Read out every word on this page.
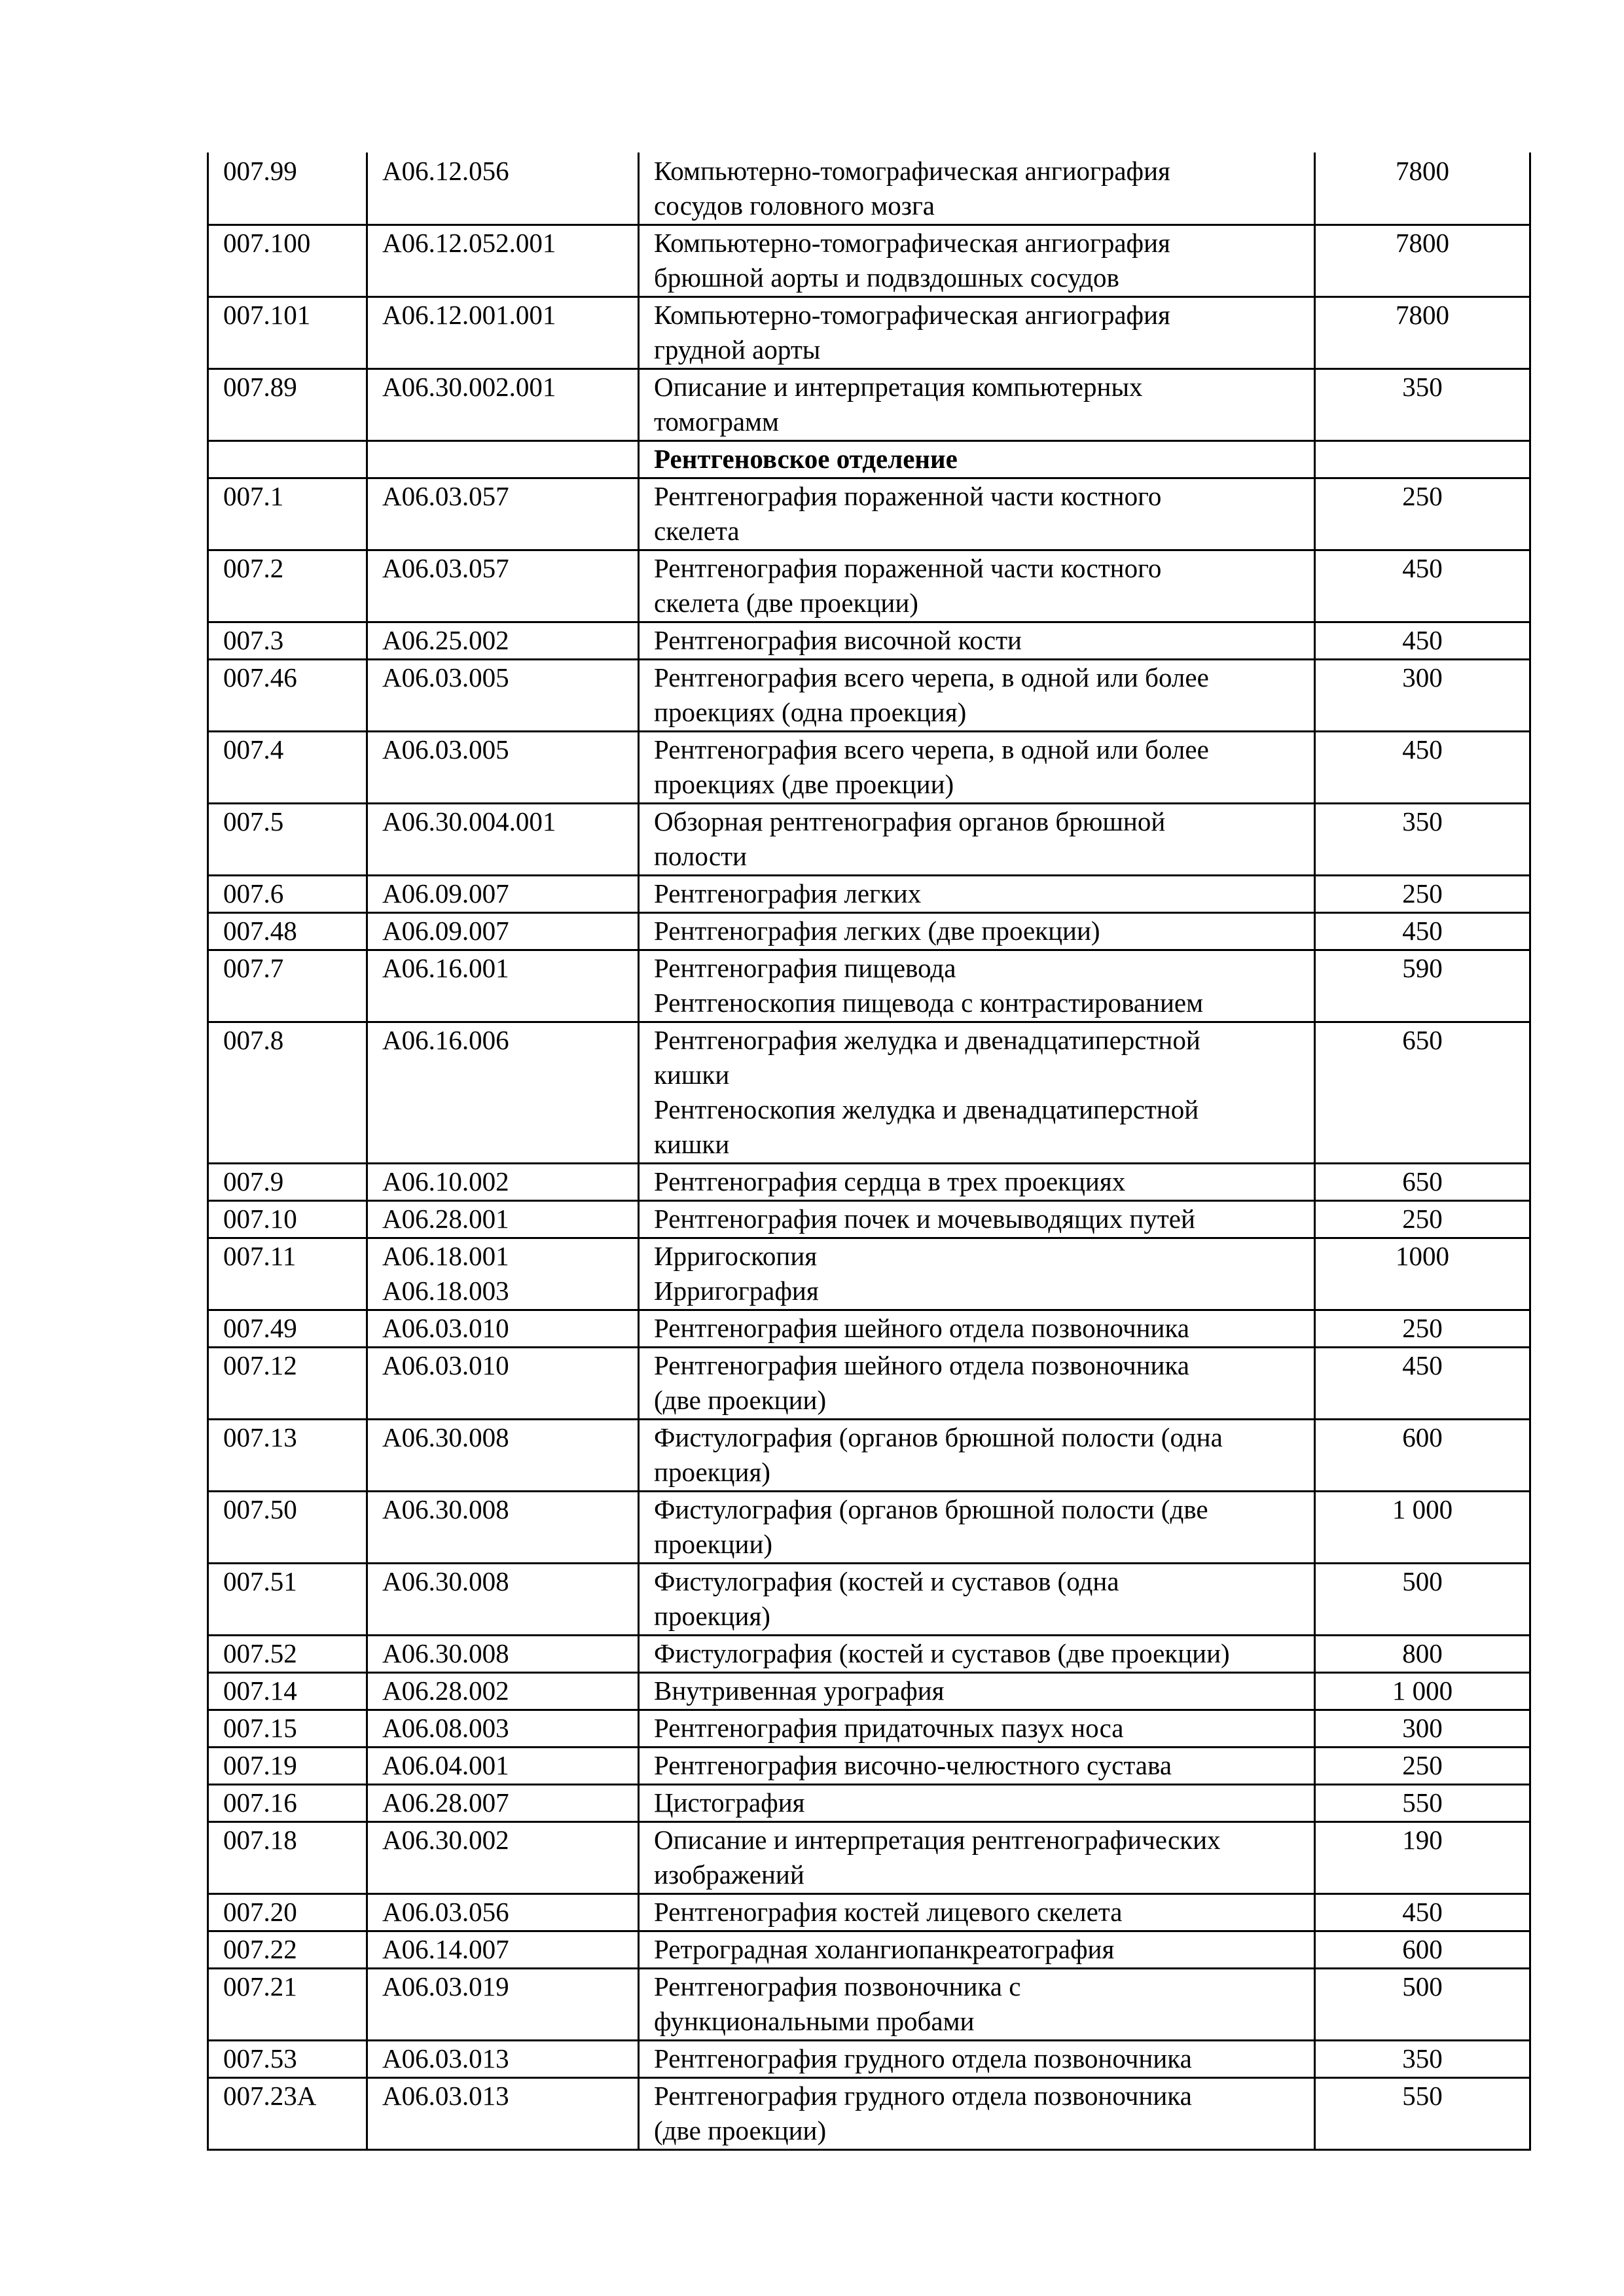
007.99	A06.12.056	Компьютерно-томографическая ангиография
сосудов головного мозга	7800
007.100	A06.12.052.001	Компьютерно-томографическая ангиография
брюшной аорты и подвздошных сосудов	7800
007.101	A06.12.001.001	Компьютерно-томографическая ангиография
грудной аорты	7800
007.89	A06.30.002.001	Описание и интерпретация компьютерных
томограмм	350
		Рентгеновское отделение	
007.1	A06.03.057	Рентгенография пораженной части костного
скелета	250
007.2	A06.03.057	Рентгенография пораженной части костного
скелета (две проекции)	450
007.3	A06.25.002	Рентгенография височной кости	450
007.46	A06.03.005	Рентгенография всего черепа, в одной или более
проекциях (одна проекция)	300
007.4	A06.03.005	Рентгенография всего черепа, в одной или более
проекциях (две проекции)	450
007.5	A06.30.004.001	Обзорная рентгенография органов брюшной
полости	350
007.6	A06.09.007	Рентгенография легких	250
007.48	A06.09.007	Рентгенография легких (две проекции)	450
007.7	A06.16.001	Рентгенография пищевода
Рентгеноскопия пищевода с контрастированием	590
007.8	A06.16.006	Рентгенография желудка и двенадцатиперстной
кишки
Рентгеноскопия желудка и двенадцатиперстной
кишки	650
007.9	A06.10.002	Рентгенография сердца в трех проекциях	650
007.10	A06.28.001	Рентгенография почек и мочевыводящих путей	250
007.11	A06.18.001
A06.18.003	Ирригоскопия
Ирригография	1000
007.49	A06.03.010	Рентгенография шейного отдела позвоночника	250
007.12	A06.03.010	Рентгенография шейного отдела позвоночника
(две проекции)	450
007.13	A06.30.008	Фистулография (органов брюшной полости (одна
проекция)	600
007.50	A06.30.008	Фистулография (органов брюшной полости (две
проекции)	1 000
007.51	A06.30.008	Фистулография (костей и суставов (одна
проекция)	500
007.52	A06.30.008	Фистулография (костей и суставов (две проекции)	800
007.14	A06.28.002	Внутривенная урография	1 000
007.15	A06.08.003	Рентгенография придаточных пазух носа	300
007.19	A06.04.001	Рентгенография височно-челюстного сустава	250
007.16	A06.28.007	Цистография	550
007.18	A06.30.002	Описание и интерпретация рентгенографических
изображений	190
007.20	A06.03.056	Рентгенография костей лицевого скелета	450
007.22	A06.14.007	Ретроградная холангиопанкреатография	600
007.21	A06.03.019	Рентгенография позвоночника с
функциональными пробами	500
007.53	A06.03.013	Рентгенография грудного отдела позвоночника	350
007.23А	A06.03.013	Рентгенография грудного отдела позвоночника
(две проекции)	550
